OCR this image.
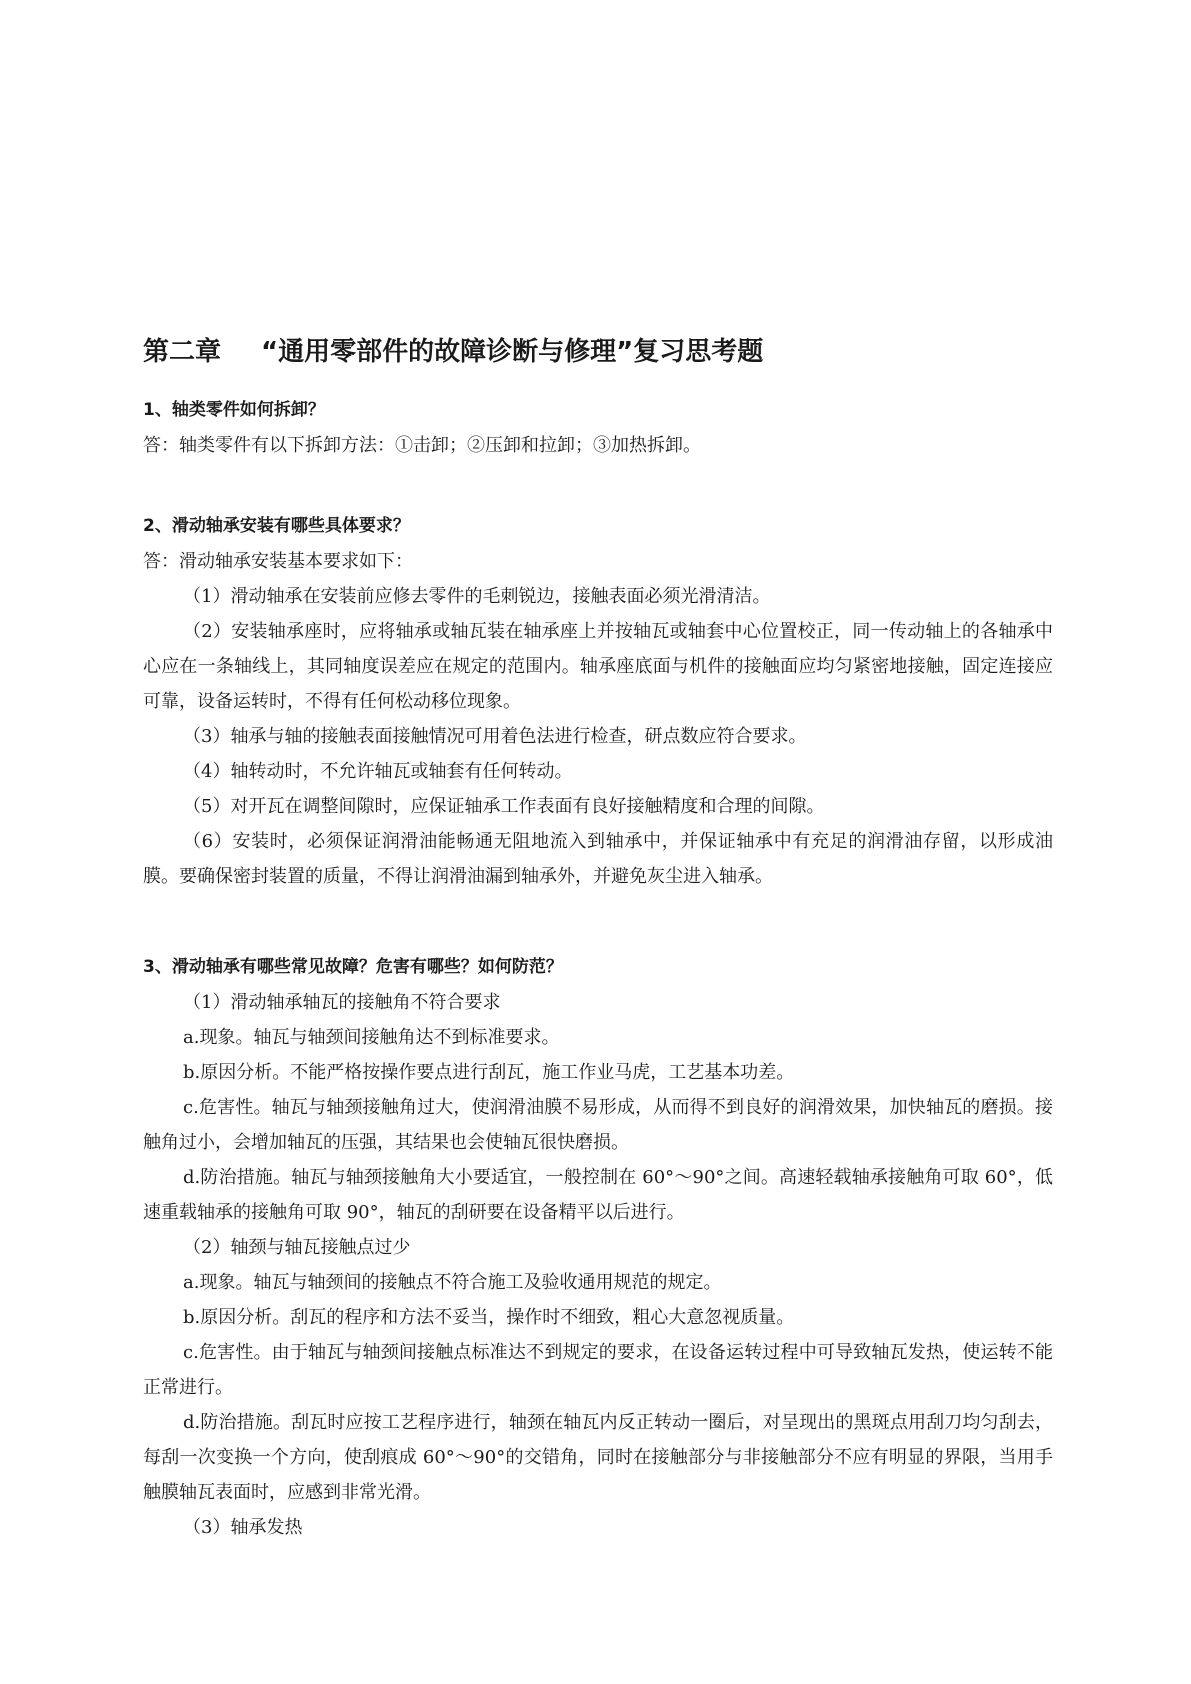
第二章 “通用零部件的故障诊断与修理”复习思考题

1、轴类零件如何拆卸？

答：轴类零件有以下拆卸方法：①击卸；②压卸和拉卸；③加热拆卸。

2、滑动轴承安装有哪些具体要求？

答：滑动轴承安装基本要求如下：

（1）滑动轴承在安装前应修去零件的毛刺锐边，接触表面必须光滑清洁。

（2）安装轴承座时，应将轴承或轴瓦装在轴承座上并按轴瓦或轴套中心位置校正，同一传动轴上的各轴承中心应在一条轴线上，其同轴度误差应在规定的范围内。轴承座底面与机件的接触面应均匀紧密地接触，固定连接应可靠，设备运转时，不得有任何松动移位现象。

（3）轴承与轴的接触表面接触情况可用着色法进行检查，研点数应符合要求。

（4）轴转动时，不允许轴瓦或轴套有任何转动。

（5）对开瓦在调整间隙时，应保证轴承工作表面有良好接触精度和合理的间隙。

（6）安装时，必须保证润滑油能畅通无阻地流入到轴承中，并保证轴承中有充足的润滑油存留，以形成油膜。要确保密封装置的质量，不得让润滑油漏到轴承外，并避免灰尘进入轴承。

3、滑动轴承有哪些常见故障？危害有哪些？如何防范？

（1）滑动轴承轴瓦的接触角不符合要求

a.现象。轴瓦与轴颈间接触角达不到标准要求。

b.原因分析。不能严格按操作要点进行刮瓦，施工作业马虎，工艺基本功差。

c.危害性。轴瓦与轴颈接触角过大，使润滑油膜不易形成，从而得不到良好的润滑效果，加快轴瓦的磨损。接触角过小，会增加轴瓦的压强，其结果也会使轴瓦很快磨损。

d.防治措施。轴瓦与轴颈接触角大小要适宜，一般控制在 60°～90°之间。高速轻载轴承接触角可取 60°，低速重载轴承的接触角可取 90°，轴瓦的刮研要在设备精平以后进行。

（2）轴颈与轴瓦接触点过少

a.现象。轴瓦与轴颈间的接触点不符合施工及验收通用规范的规定。

b.原因分析。刮瓦的程序和方法不妥当，操作时不细致，粗心大意忽视质量。

c.危害性。由于轴瓦与轴颈间接触点标准达不到规定的要求，在设备运转过程中可导致轴瓦发热，使运转不能正常进行。

d.防治措施。刮瓦时应按工艺程序进行，轴颈在轴瓦内反正转动一圈后，对呈现出的黑斑点用刮刀均匀刮去，每刮一次变换一个方向，使刮痕成 60°～90°的交错角，同时在接触部分与非接触部分不应有明显的界限，当用手触膜轴瓦表面时，应感到非常光滑。

（3）轴承发热
